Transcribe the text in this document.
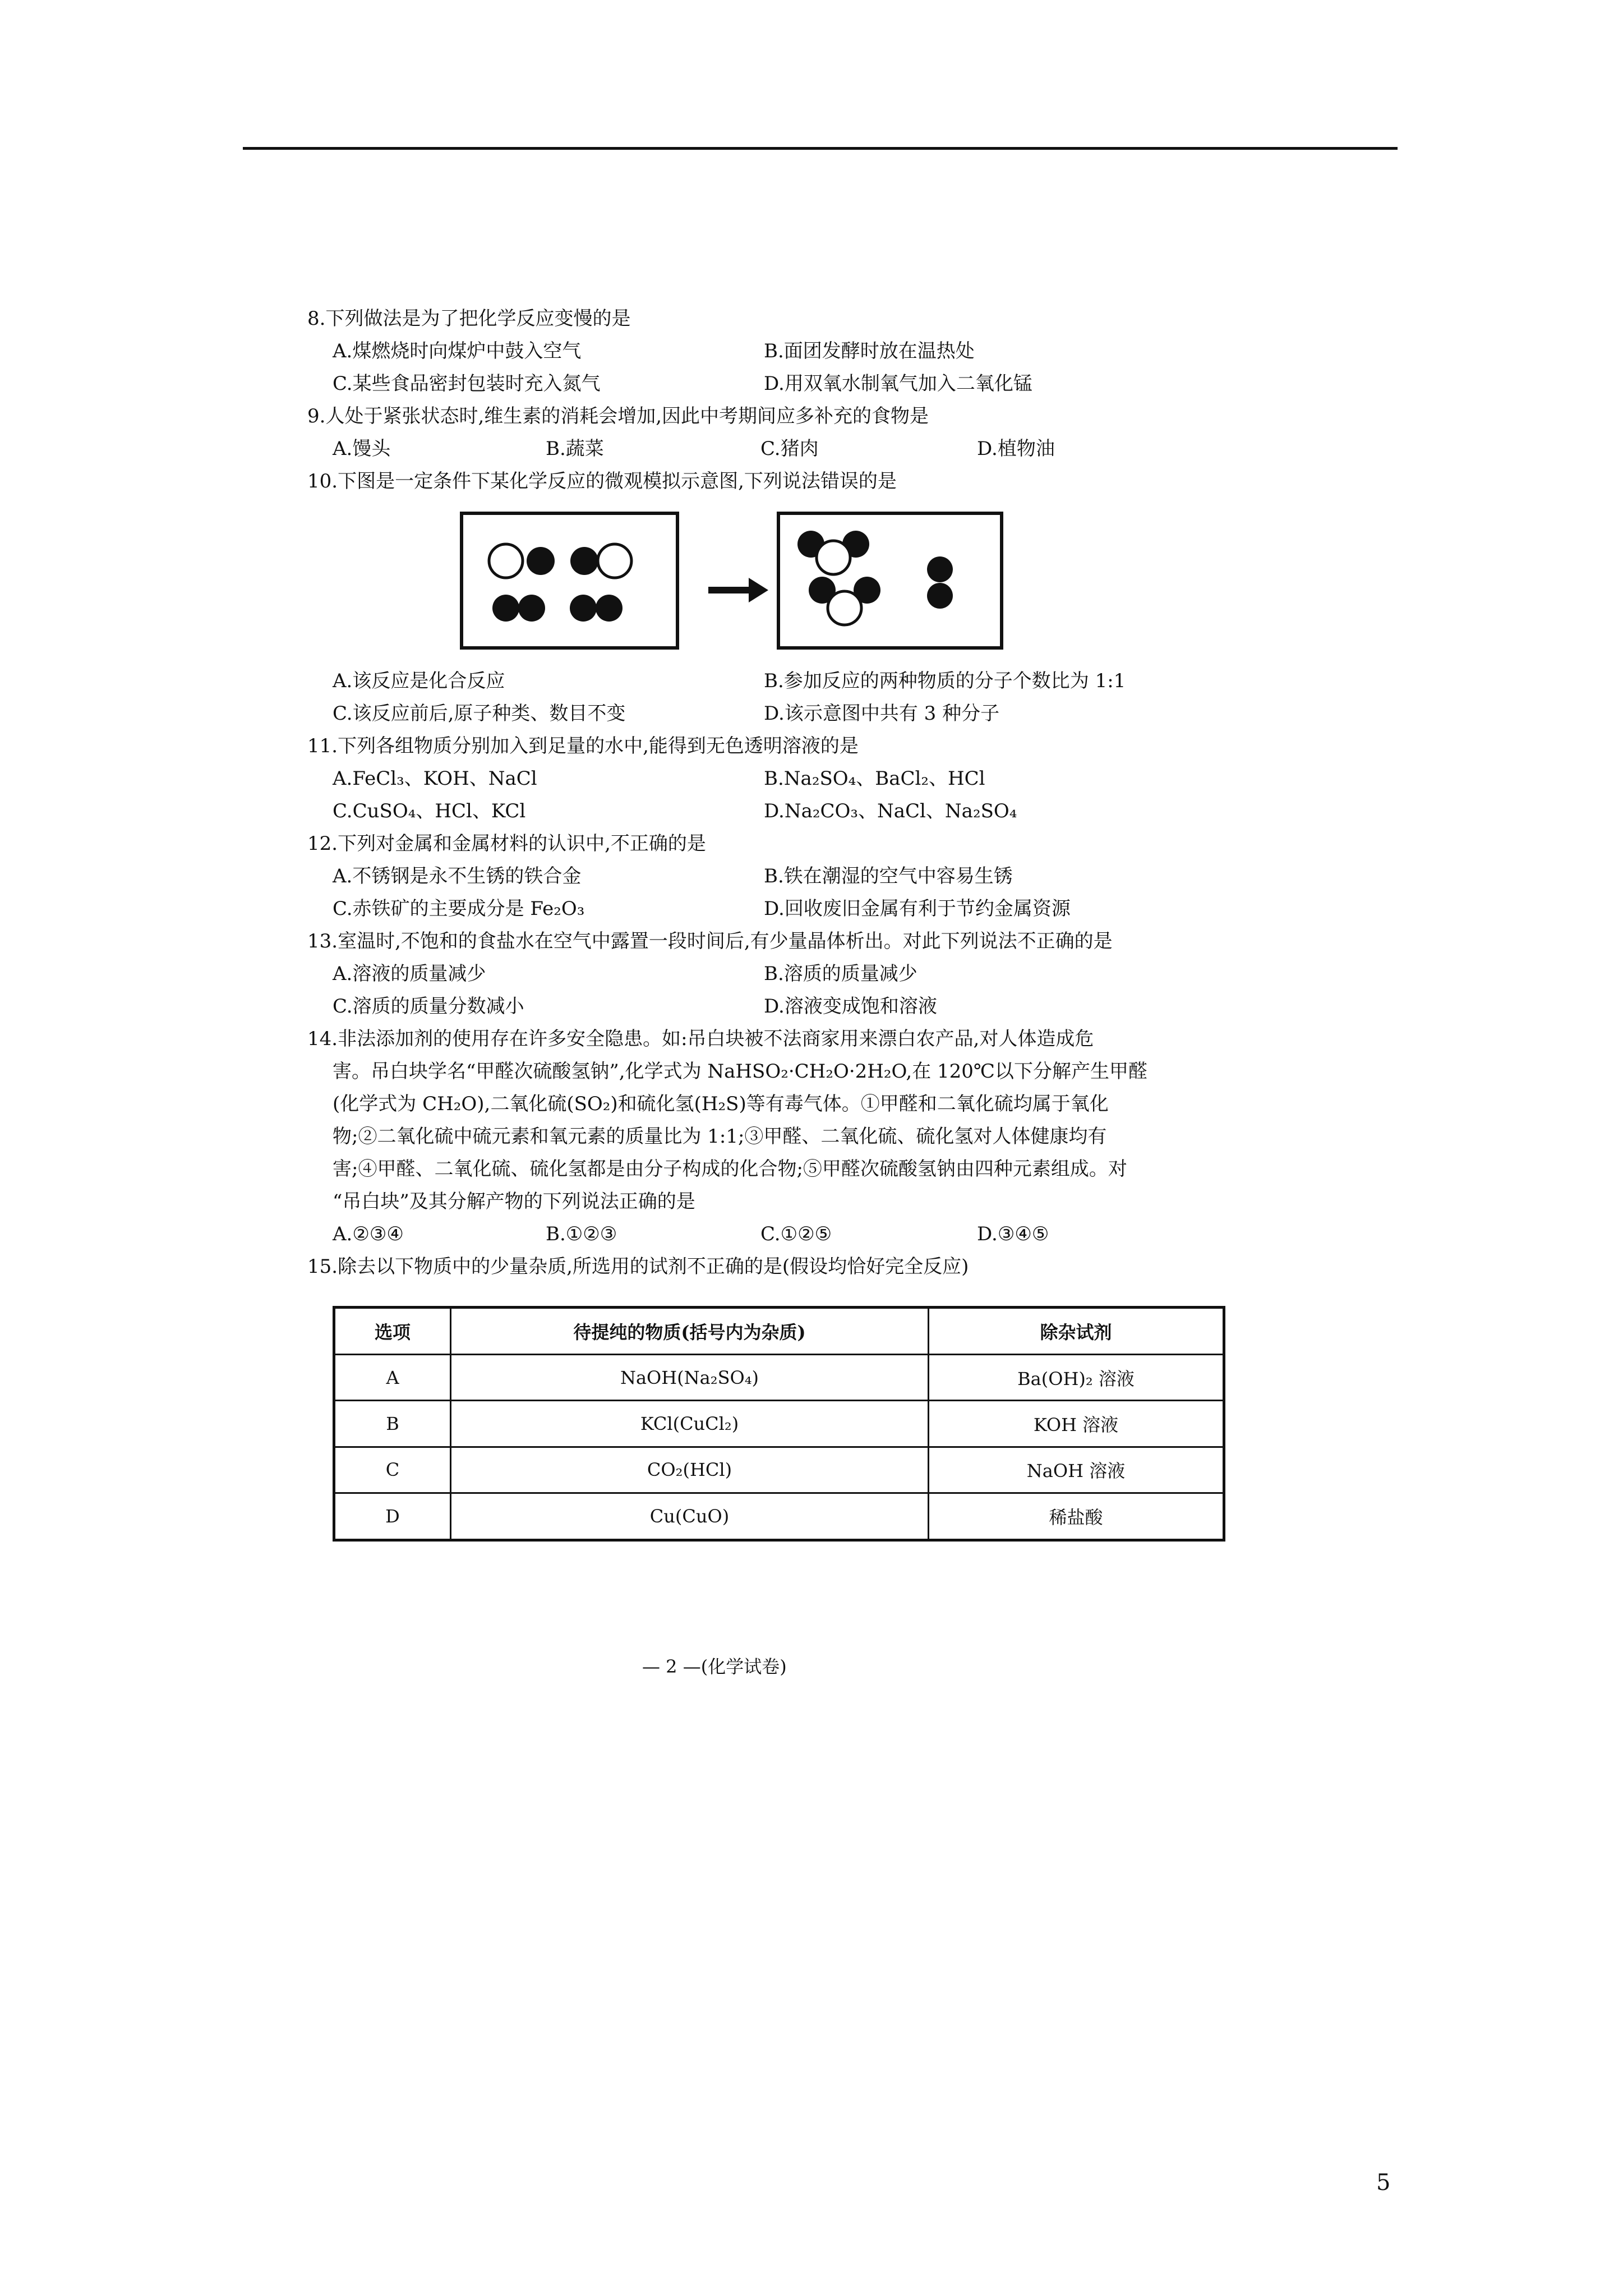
8.下列做法是为了把化学反应变慢的是
A.煤燃烧时向煤炉中鼓入空气	B.面团发酵时放在温热处
C.某些食品密封包装时充入氮气	D.用双氧水制氧气加入二氧化锰
9.人处于紧张状态时,维生素的消耗会增加,因此中考期间应多补充的食物是
A.馒头	B.蔬菜	C.猪肉	D.植物油
10.下图是一定条件下某化学反应的微观模拟示意图,下列说法错误的是
A.该反应是化合反应	B.参加反应的两种物质的分子个数比为 1:1
C.该反应前后,原子种类、数目不变	D.该示意图中共有 3 种分子
11.下列各组物质分别加入到足量的水中,能得到无色透明溶液的是
A.FeCl₃、KOH、NaCl	B.Na₂SO₄、BaCl₂、HCl
C.CuSO₄、HCl、KCl	D.Na₂CO₃、NaCl、Na₂SO₄
12.下列对金属和金属材料的认识中,不正确的是
A.不锈钢是永不生锈的铁合金	B.铁在潮湿的空气中容易生锈
C.赤铁矿的主要成分是 Fe₂O₃	D.回收废旧金属有利于节约金属资源
13.室温时,不饱和的食盐水在空气中露置一段时间后,有少量晶体析出。对此下列说法不正确的是
A.溶液的质量减少	B.溶质的质量减少
C.溶质的质量分数减小	D.溶液变成饱和溶液
14.非法添加剂的使用存在许多安全隐患。如:吊白块被不法商家用来漂白农产品,对人体造成危
害。吊白块学名“甲醛次硫酸氢钠”,化学式为 NaHSO₂·CH₂O·2H₂O,在 120℃以下分解产生甲醛
(化学式为 CH₂O),二氧化硫(SO₂)和硫化氢(H₂S)等有毒气体。①甲醛和二氧化硫均属于氧化
物;②二氧化硫中硫元素和氧元素的质量比为 1:1;③甲醛、二氧化硫、硫化氢对人体健康均有
害;④甲醛、二氧化硫、硫化氢都是由分子构成的化合物;⑤甲醛次硫酸氢钠由四种元素组成。对
“吊白块”及其分解产物的下列说法正确的是
A.②③④	B.①②③	C.①②⑤	D.③④⑤
15.除去以下物质中的少量杂质,所选用的试剂不正确的是(假设均恰好完全反应)
选项	待提纯的物质(括号内为杂质)	除杂试剂
A	NaOH(Na₂SO₄)	Ba(OH)₂ 溶液
B	KCl(CuCl₂)	KOH 溶液
C	CO₂(HCl)	NaOH 溶液
D	Cu(CuO)	稀盐酸
— 2 —(化学试卷)
5
